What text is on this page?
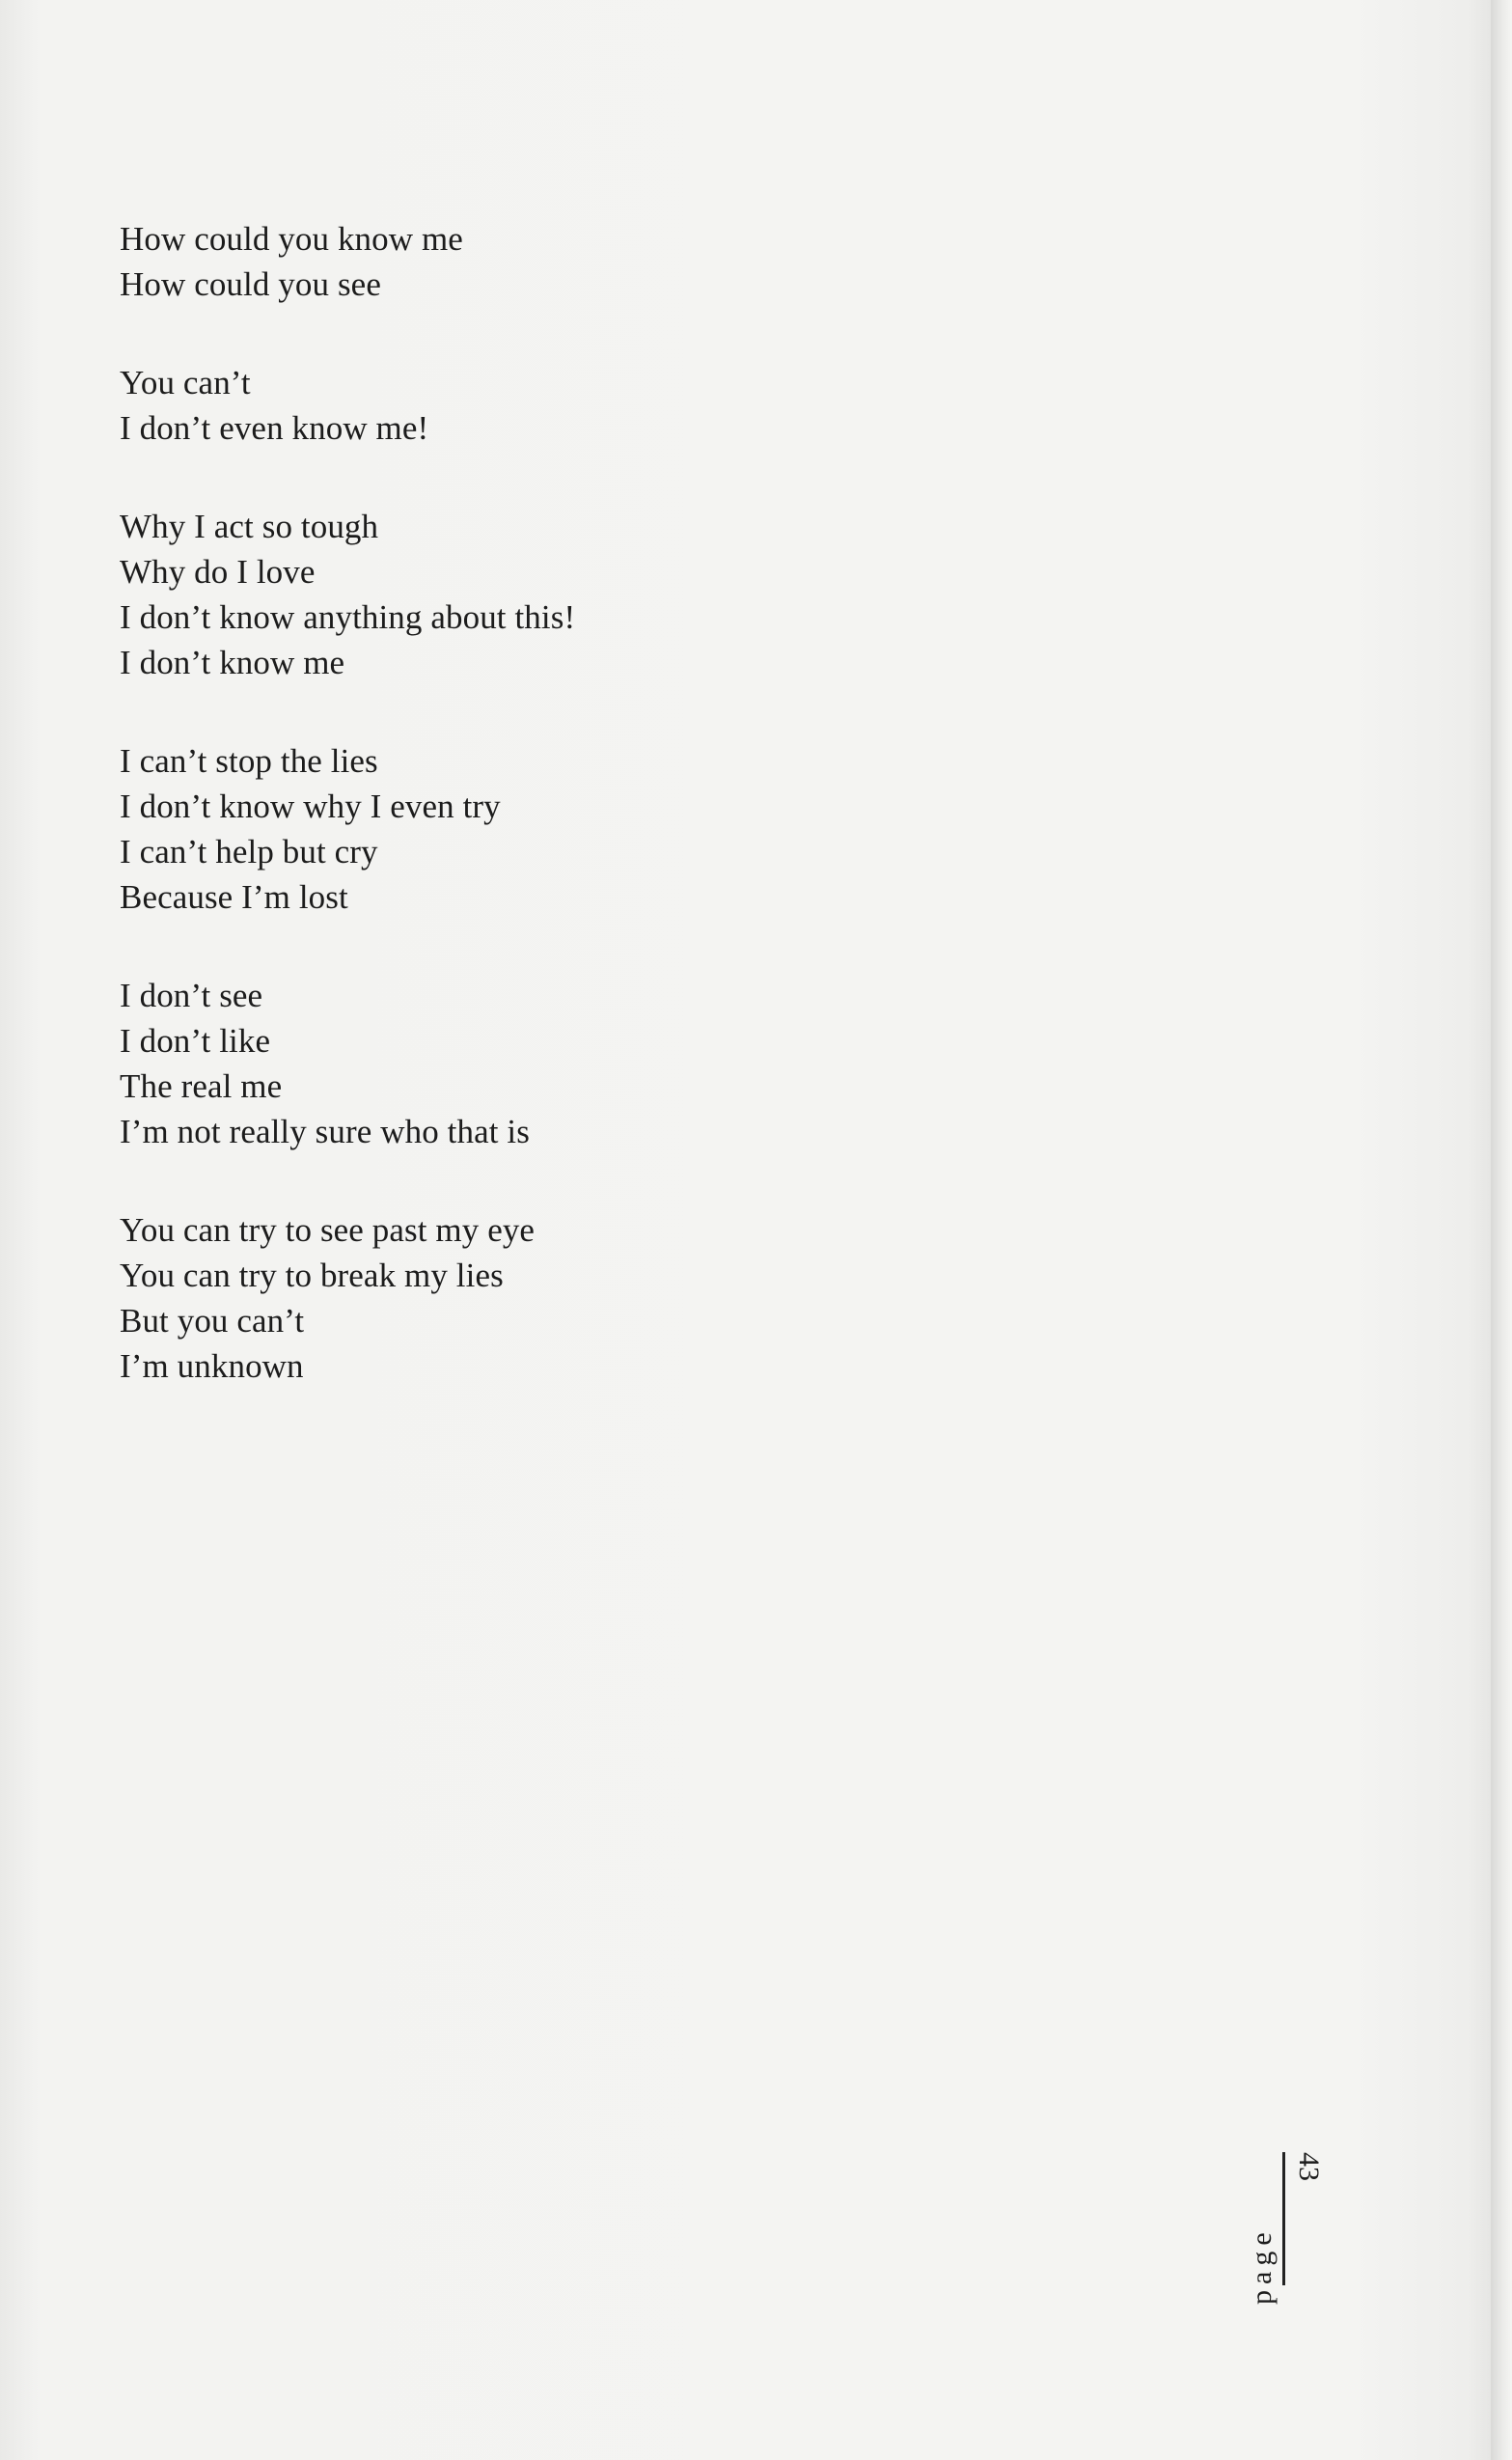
How could you know me
How could you see
You can’t
I don’t even know me!
Why I act so tough
Why do I love
I don’t know anything about this!
I don’t know me
I can’t stop the lies
I don’t know why I even try
I can’t help but cry
Because I’m lost
I don’t see
I don’t like
The real me
I’m not really sure who that is
You can try to see past my eye
You can try to break my lies
But you can’t
I’m unknown
page
43
